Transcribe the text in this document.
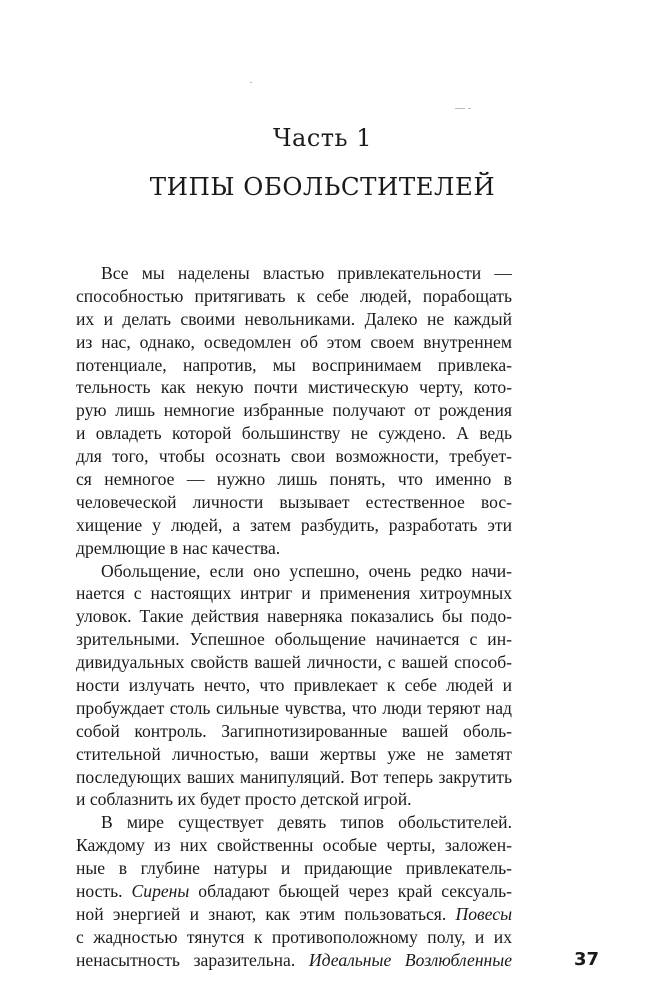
Часть 1
ТИПЫ ОБОЛЬСТИТЕЛЕЙ
Все мы наделены властью привлекательности —
способностью притягивать к себе людей, порабощать
их и делать своими невольниками. Далеко не каждый
из нас, однако, осведомлен об этом своем внутреннем
потенциале, напротив, мы воспринимаем привлека-
тельность как некую почти мистическую черту, кото-
рую лишь немногие избранные получают от рождения
и овладеть которой большинству не суждено. А ведь
для того, чтобы осознать свои возможности, требует-
ся немногое — нужно лишь понять, что именно в
человеческой личности вызывает естественное вос-
хищение у людей, а затем разбудить, разработать эти
дремлющие в нас качества.
Обольщение, если оно успешно, очень редко начи-
нается с настоящих интриг и применения хитроумных
уловок. Такие действия наверняка показались бы подо-
зрительными. Успешное обольщение начинается с ин-
дивидуальных свойств вашей личности, с вашей способ-
ности излучать нечто, что привлекает к себе людей и
пробуждает столь сильные чувства, что люди теряют над
собой контроль. Загипнотизированные вашей оболь-
стительной личностью, ваши жертвы уже не заметят
последующих ваших манипуляций. Вот теперь закрутить
и соблазнить их будет просто детской игрой.
В мире существует девять типов обольстителей.
Каждому из них свойственны особые черты, заложен-
ные в глубине натуры и придающие привлекатель-
ность. Сирены обладают бьющей через край сексуаль-
ной энергией и знают, как этим пользоваться. Повесы
с жадностью тянутся к противоположному полу, и их
ненасытность заразительна. Идеальные Возлюбленные	37
